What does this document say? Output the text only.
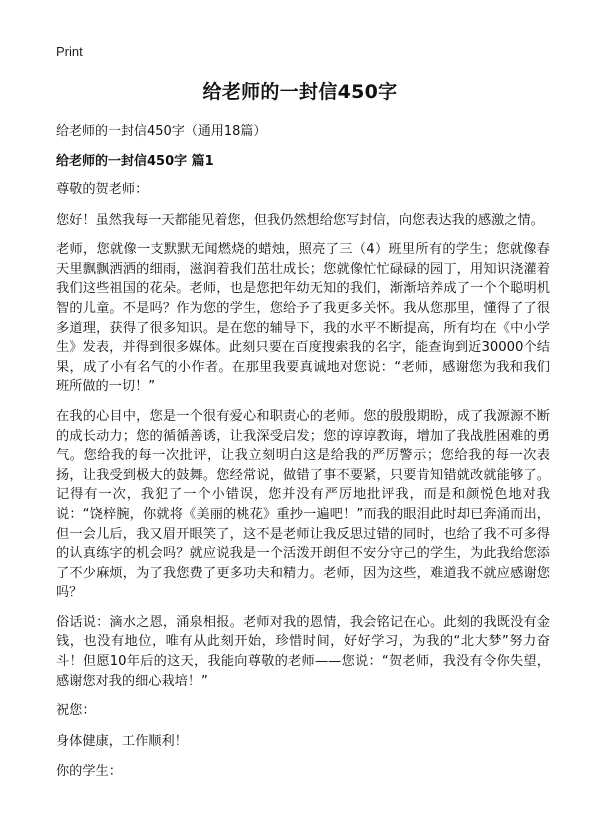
Print
给老师的一封信450字
给老师的一封信450字（通用18篇）
给老师的一封信450字 篇1

尊敬的贺老师：

您好！虽然我每一天都能见着您，但我仍然想给您写封信，向您表达我的感激之情。

老师，您就像一支默默无闻燃烧的蜡烛，照亮了三（4）班里所有的学生；您就像春天里飘飘洒洒的细雨，滋润着我们茁壮成长；您就像忙忙碌碌的园丁，用知识浇灌着我们这些祖国的花朵。老师，也是您把年幼无知的我们，渐渐培养成了一个个聪明机智的儿童。不是吗？作为您的学生，您给予了我更多关怀。我从您那里，懂得了了很多道理，获得了很多知识。是在您的辅导下，我的水平不断提高，所有均在《中小学生》发表，并得到很多媒体。此刻只要在百度搜索我的名字，能查询到近30000个结果，成了小有名气的小作者。在那里我要真诚地对您说：“老师，感谢您为我和我们班所做的一切！”

在我的心目中，您是一个很有爱心和职责心的老师。您的殷殷期盼，成了我源源不断的成长动力；您的循循善诱，让我深受启发；您的谆谆教诲，增加了我战胜困难的勇气。您给我的每一次批评，让我立刻明白这是给我的严厉警示；您给我的每一次表扬，让我受到极大的鼓舞。您经常说，做错了事不要紧，只要肯知错就改就能够了。记得有一次，我犯了一个小错误，您并没有严厉地批评我，而是和颜悦色地对我说：“饶梓腕，你就将《美丽的桃花》重抄一遍吧！”而我的眼泪此时却已奔涌而出，但一会儿后，我又眉开眼笑了，这不是老师让我反思过错的同时，也给了我不可多得的认真练字的机会吗？就应说我是一个活泼开朗但不安分守己的学生，为此我给您添了不少麻烦，为了我您费了更多功夫和精力。老师，因为这些，难道我不就应感谢您吗？

俗话说：滴水之恩，涌泉相报。老师对我的恩情，我会铭记在心。此刻的我既没有金钱，也没有地位，唯有从此刻开始，珍惜时间，好好学习，为我的“北大梦”努力奋斗！但愿10年后的这天，我能向尊敬的老师——您说：“贺老师，我没有令你失望，感谢您对我的细心栽培！”

祝您：

身体健康，工作顺利！

你的学生：
